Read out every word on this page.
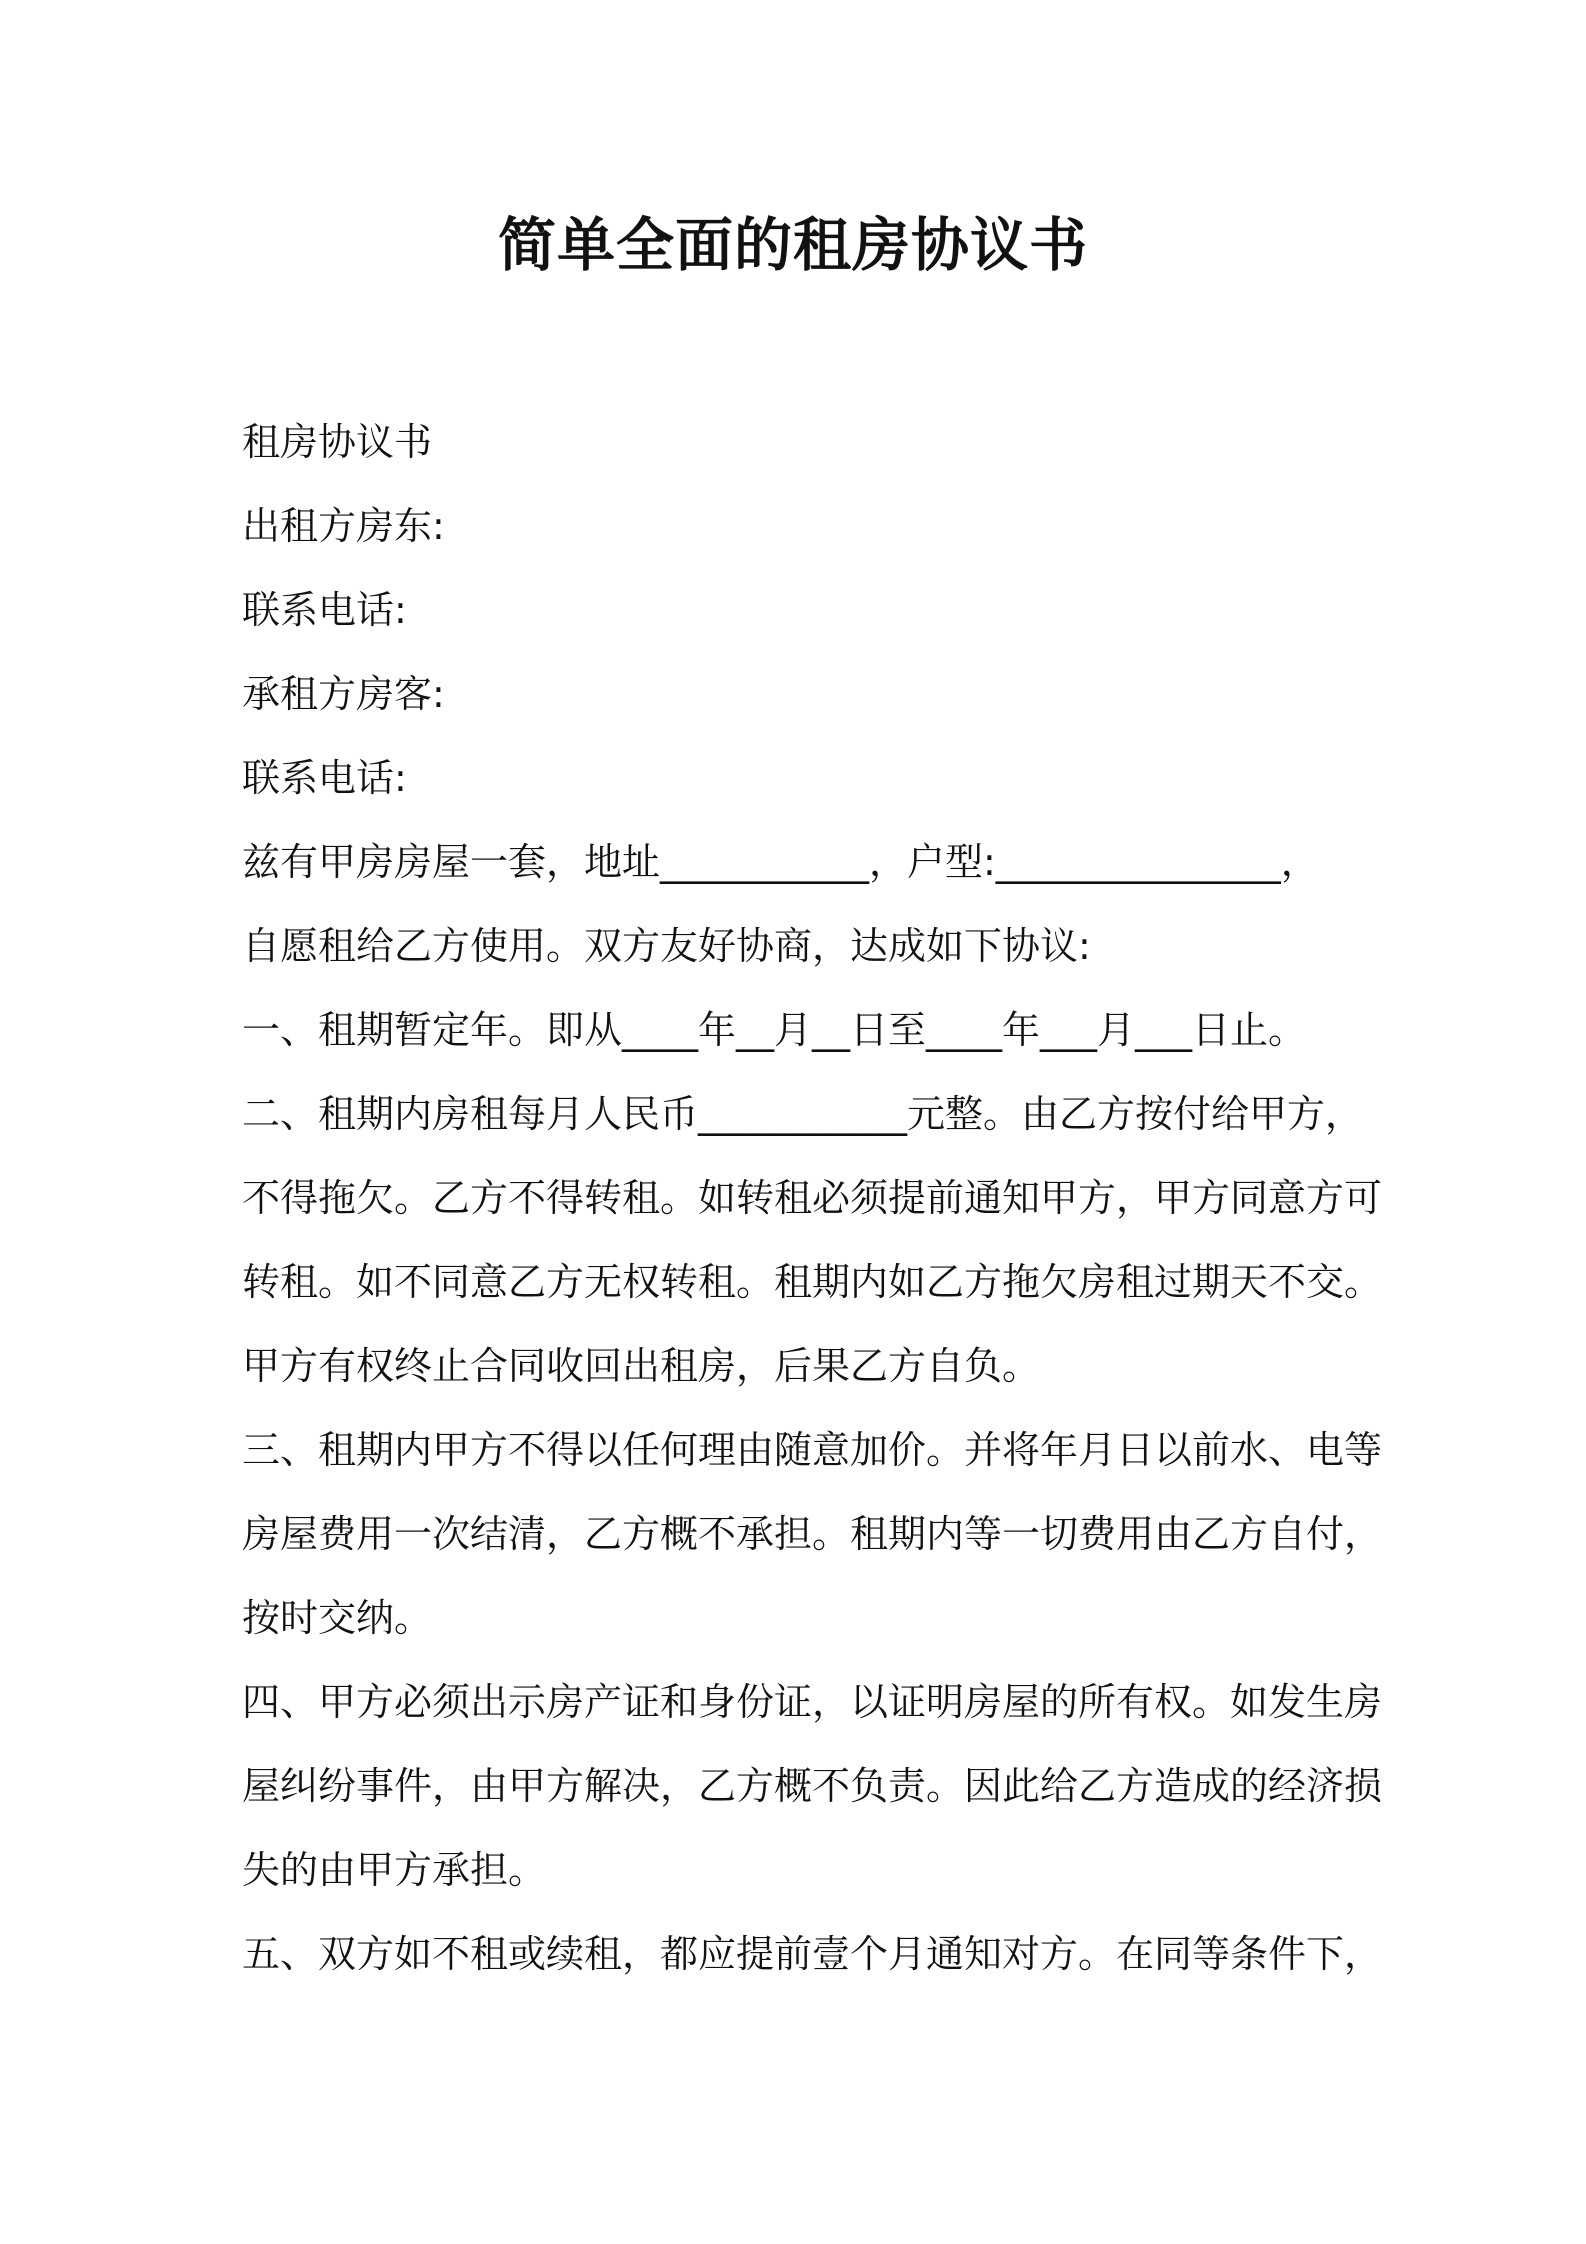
简单全面的租房协议书
租房协议书
出租方房东:
联系电话:
承租方房客:
联系电话:
兹有甲房房屋一套，地址___________，户型:_______________，
自愿租给乙方使用。双方友好协商，达成如下协议:
一、租期暂定年。即从____年__月__日至____年___月___日止。
二、租期内房租每月人民币___________元整。由乙方按付给甲方，
不得拖欠。乙方不得转租。如转租必须提前通知甲方，甲方同意方可
转租。如不同意乙方无权转租。租期内如乙方拖欠房租过期天不交。
甲方有权终止合同收回出租房，后果乙方自负。
三、租期内甲方不得以任何理由随意加价。并将年月日以前水、电等
房屋费用一次结清，乙方概不承担。租期内等一切费用由乙方自付，
按时交纳。
四、甲方必须出示房产证和身份证，以证明房屋的所有权。如发生房
屋纠纷事件，由甲方解决，乙方概不负责。因此给乙方造成的经济损
失的由甲方承担。
五、双方如不租或续租，都应提前壹个月通知对方。在同等条件下，
